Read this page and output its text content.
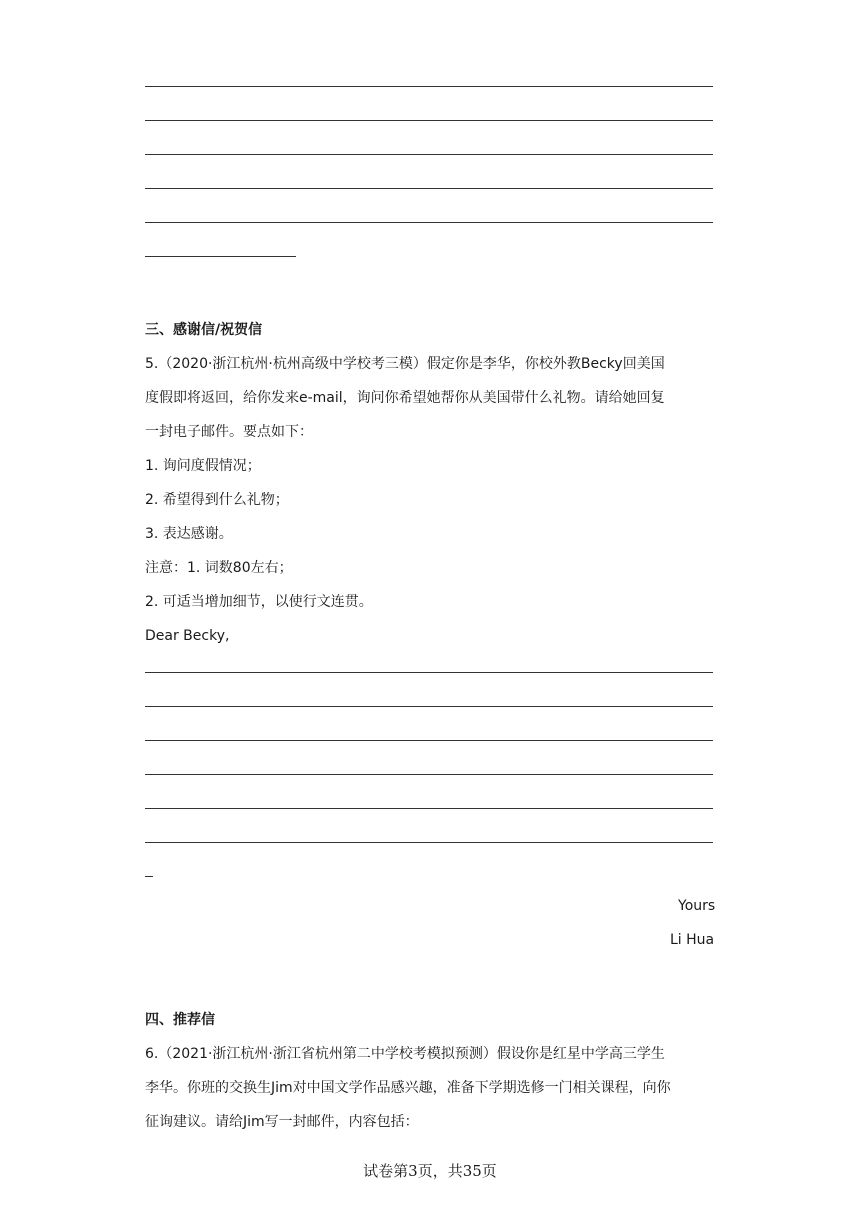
三、感谢信/祝贺信
5.（2020·浙江杭州·杭州高级中学校考三模）假定你是李华，你校外教Becky回美国
度假即将返回，给你发来e-mail，询问你希望她帮你从美国带什么礼物。请给她回复
一封电子邮件。要点如下：
1. 询问度假情况；
2. 希望得到什么礼物；
3. 表达感谢。
注意：1. 词数80左右；
2. 可适当增加细节，以使行文连贯。
Dear Becky,
Yours
Li Hua
四、推荐信
6.（2021·浙江杭州·浙江省杭州第二中学校考模拟预测）假设你是红星中学高三学生
李华。你班的交换生Jim对中国文学作品感兴趣，准备下学期选修一门相关课程，向你
征询建议。请给Jim写一封邮件，内容包括：
试卷第3页，共35页
